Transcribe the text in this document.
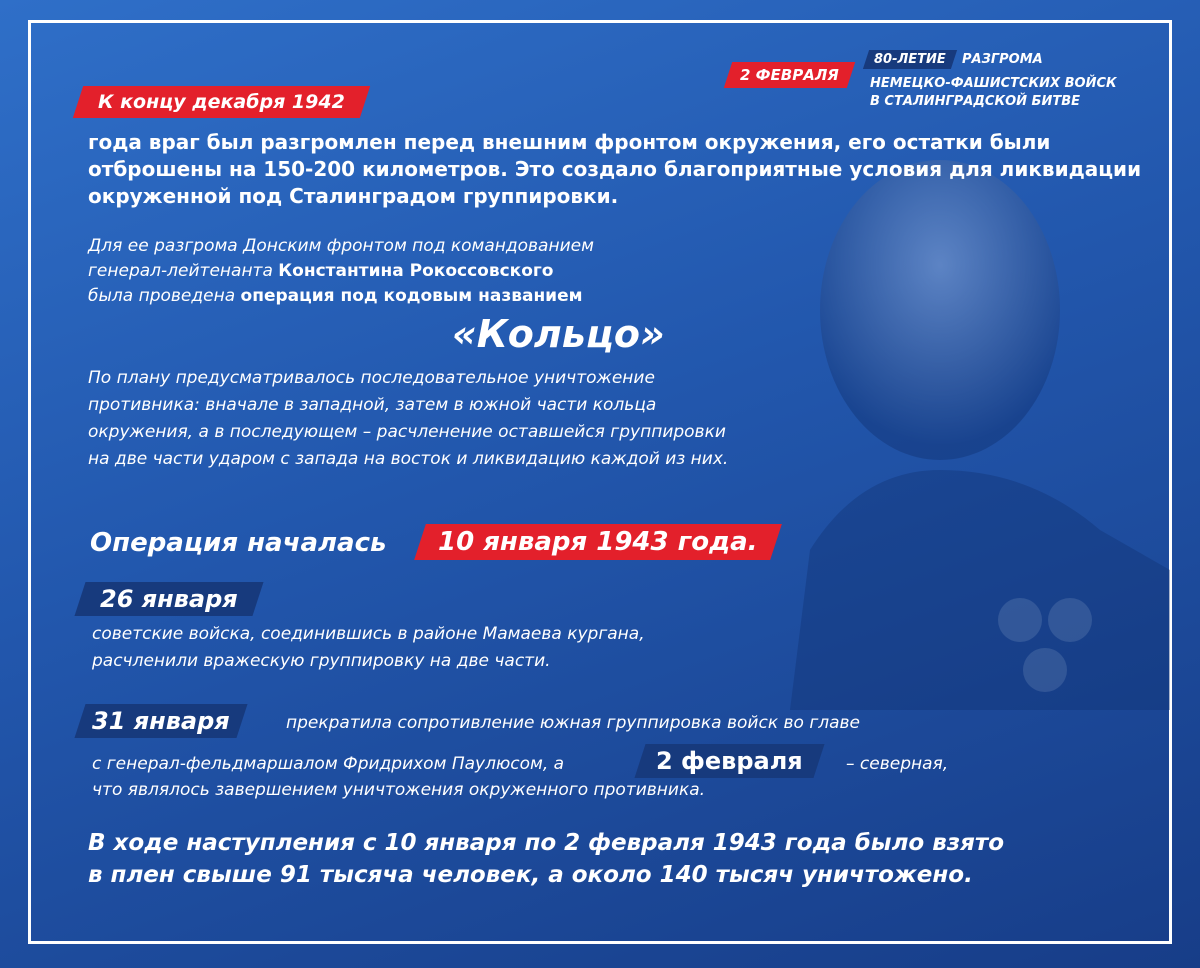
2 ФЕВРАЛЯ
80-ЛЕТИЕ РАЗГРОМА
НЕМЕЦКО-ФАШИСТСКИХ ВОЙСК
В СТАЛИНГРАДСКОЙ БИТВЕ
К концу декабря 1942
года враг был разгромлен перед внешним фронтом окружения, его остатки были
отброшены на 150-200 километров. Это создало благоприятные условия для ликвидации
окруженной под Сталинградом группировки.
Для ее разгрома Донским фронтом под командованием
генерал-лейтенанта Константина Рокоссовского
была проведена операция под кодовым названием
«Кольцо»
По плану предусматривалось последовательное уничтожение
противника: вначале в западной, затем в южной части кольца
окружения, а в последующем – расчленение оставшейся группировки
на две части ударом с запада на восток и ликвидацию каждой из них.
Операция началась 10 января 1943 года.
26 января
советские войска, соединившись в районе Мамаева кургана,
расчленили вражескую группировку на две части.
31 января	прекратила сопротивление южная группировка войск во главе
с генерал-фельдмаршалом Фридрихом Паулюсом, а	2 февраля	– северная,
что являлось завершением уничтожения окруженного противника.
В ходе наступления с 10 января по 2 февраля 1943 года было взято
в плен свыше 91 тысяча человек, а около 140 тысяч уничтожено.
